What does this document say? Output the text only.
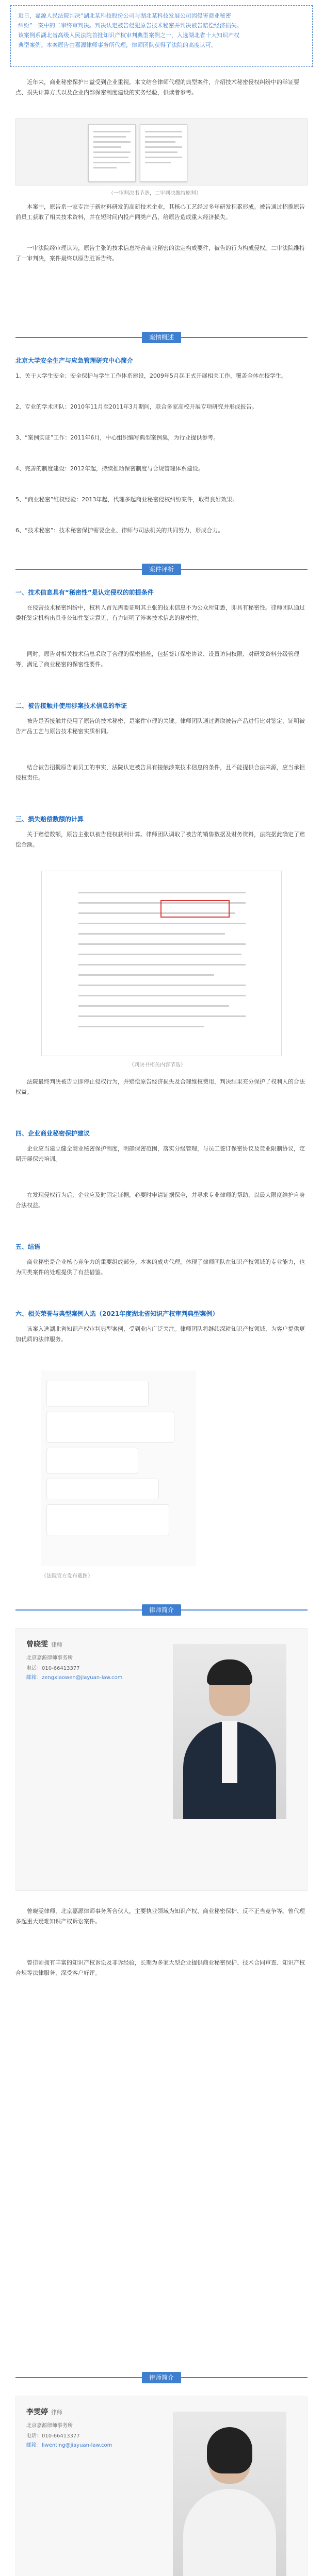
近日，嘉源人民法院判决“湖北某科技股份公司与湖北某科技发展公司因侵害商业秘密
纠纷”一案中的二审终审判决。判决认定被告侵犯原告技术秘密并判决被告赔偿经济损失。
该案例系湖北省高级人民法院首批知识产权审判典型案例之一，入选湖北省十大知识产权
典型案例。本案原告由嘉源律师事务所代理，律师团队获得了法院的高度认可。

近年来，商业秘密保护日益受到企业重视。本文结合律师代理的典型案件，介绍技术秘密侵权纠纷中的举证要点、损失计算方式以及企业内部保密制度建设的实务经验，供读者参考。

（一审判决书节选，二审判决维持原判）

本案中，原告系一家专注于新材料研发的高新技术企业，其核心工艺经过多年研发积累形成。被告通过招揽原告前员工获取了相关技术资料，并在短时间内投产同类产品，给原告造成重大经济损失。

一审法院经审理认为，原告主张的技术信息符合商业秘密的法定构成要件，被告的行为构成侵权。二审法院维持了一审判决，案件最终以原告胜诉告终。

案情概述
北京大学安全生产与应急管理研究中心简介

1、关于大学生安全：安全保护与学生工作体系建设，2009年5月起正式开展相关工作，覆盖全体在校学生。

2、专业的学术团队：2010年11月至2011年3月期间，联合多家高校开展专项研究并形成报告。

3、“案例实证”工作：2011年6月，中心组织编写典型案例集，为行业提供参考。

4、完善的制度建设：2012年起，持续推动保密制度与合规管理体系建设。

5、“商业秘密”维权经验：2013年起，代理多起商业秘密侵权纠纷案件，取得良好效果。

6、“技术秘密”：技术秘密保护需要企业、律师与司法机关的共同努力，形成合力。

案件评析
一、技术信息具有“秘密性”是认定侵权的前提条件

在侵害技术秘密纠纷中，权利人首先需要证明其主张的技术信息不为公众所知悉，即具有秘密性。律师团队通过委托鉴定机构出具非公知性鉴定意见，有力证明了涉案技术信息的秘密性。

同时，原告对相关技术信息采取了合理的保密措施，包括签订保密协议、设置访问权限、对研发资料分级管理等，满足了商业秘密的保密性要件。

二、被告接触并使用涉案技术信息的举证

被告是否接触并使用了原告的技术秘密，是案件审理的关键。律师团队通过调取被告产品进行比对鉴定，证明被告产品工艺与原告技术秘密实质相同。

结合被告招揽原告前员工的事实，法院认定被告具有接触涉案技术信息的条件，且不能提供合法来源，应当承担侵权责任。

三、损失赔偿数额的计算

关于赔偿数额，原告主张以被告侵权获利计算。律师团队调取了被告的销售数据及财务资料，法院据此确定了赔偿金额。

（判决书相关内容节选）

法院最终判决被告立即停止侵权行为，并赔偿原告经济损失及合理维权费用，判决结果充分保护了权利人的合法权益。

四、企业商业秘密保护建议

企业应当建立健全商业秘密保护制度，明确保密范围，落实分级管理，与员工签订保密协议及竞业限制协议，定期开展保密培训。

在发现侵权行为后，企业应及时固定证据，必要时申请证据保全，并寻求专业律师的帮助，以最大限度维护自身合法权益。

五、结语

商业秘密是企业核心竞争力的重要组成部分。本案的成功代理，体现了律师团队在知识产权领域的专业能力，也为同类案件的处理提供了有益借鉴。

六、相关荣誉与典型案例入选（2021年度湖北省知识产权审判典型案例）

该案入选湖北省知识产权审判典型案例，受到业内广泛关注。律师团队将继续深耕知识产权领域，为客户提供更加优质的法律服务。

（法院官方发布截图）
律师简介
曾晓雯 律师
北京嘉源律师事务所
电话：010-66413377
邮箱：zengxiaowen@jiayuan-law.com

曾晓雯律师，北京嘉源律师事务所合伙人，主要执业领域为知识产权、商业秘密保护、反不正当竞争等。曾代理多起重大疑难知识产权诉讼案件。

曾律师拥有丰富的知识产权诉讼及非诉经验，长期为多家大型企业提供商业秘密保护、技术合同审查、知识产权合规等法律服务，深受客户好评。

律师简介
李雯婷 律师
北京嘉源律师事务所
电话：010-66413377
邮箱：liwenting@jiayuan-law.com
